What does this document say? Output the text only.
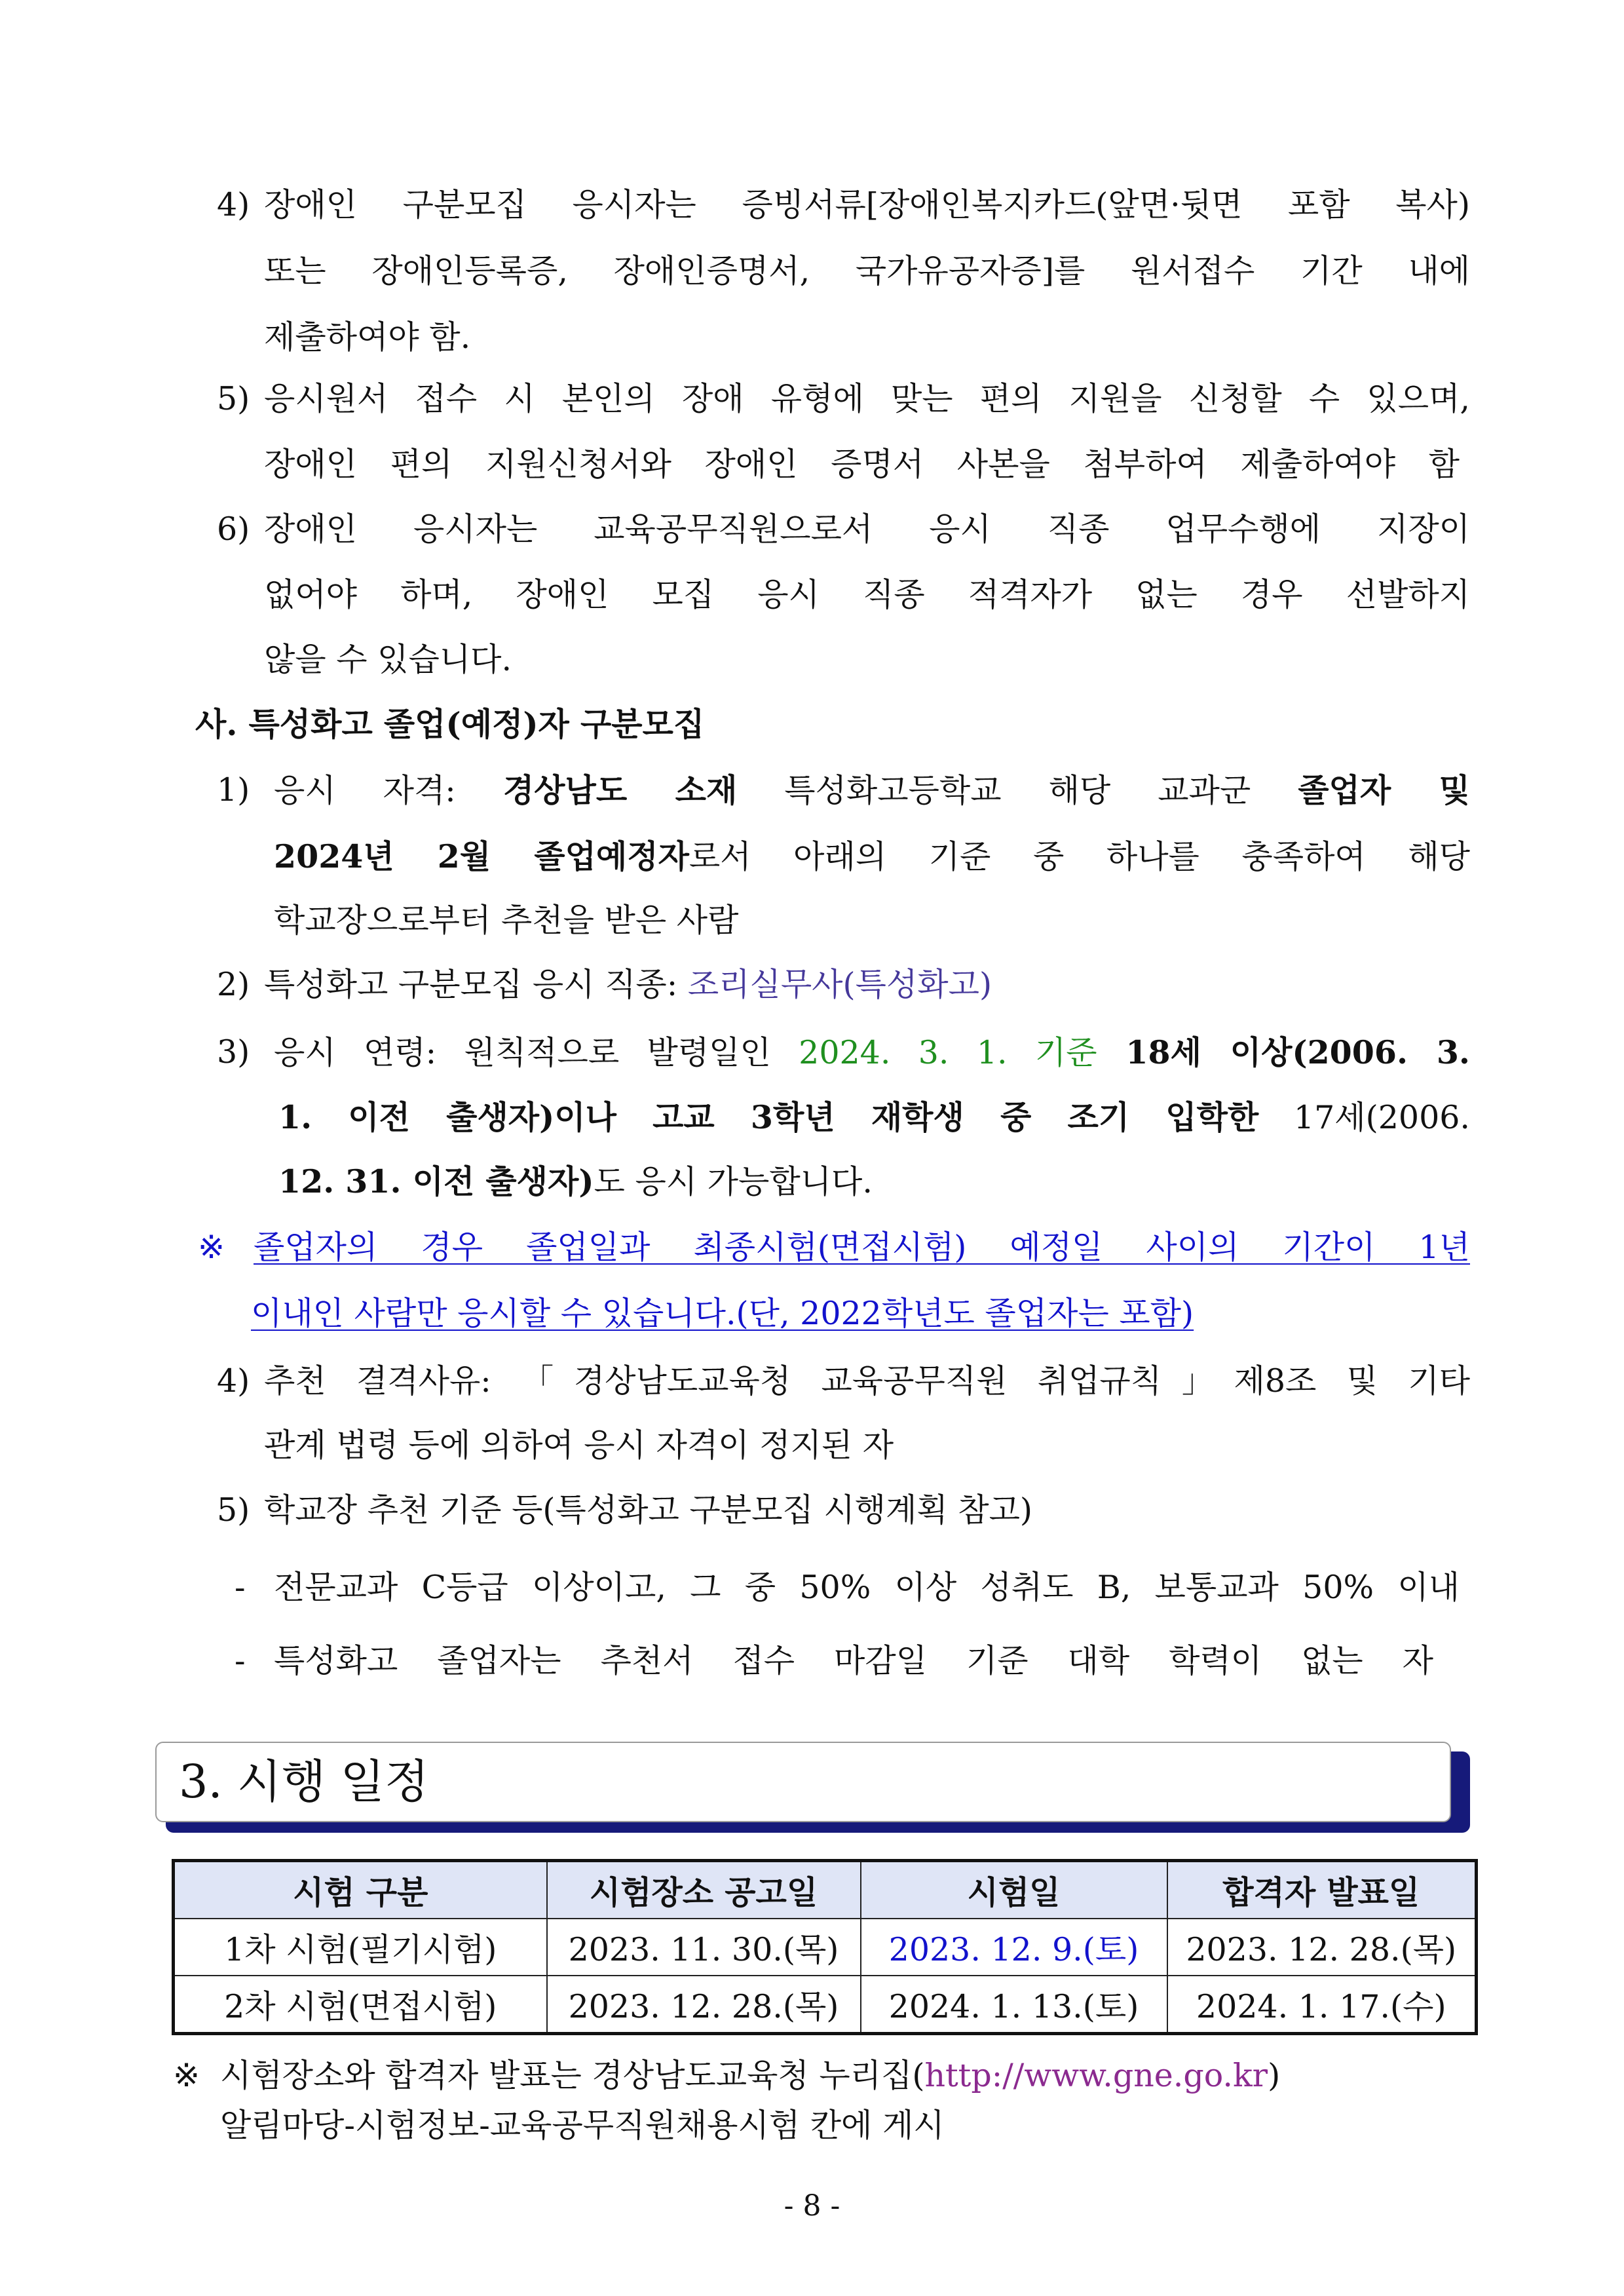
4) 장애인 구분모집 응시자는 증빙서류[장애인복지카드(앞면·뒷면 포함 복사)
또는 장애인등록증, 장애인증명서, 국가유공자증]를 원서접수 기간 내에
제출하여야 함.
5) 응시원서 접수 시 본인의 장애 유형에 맞는 편의 지원을 신청할 수 있으며,
장애인 편의 지원신청서와 장애인 증명서 사본을 첨부하여 제출하여야 함
6) 장애인 응시자는 교육공무직원으로서 응시 직종 업무수행에 지장이
없어야 하며, 장애인 모집 응시 직종 적격자가 없는 경우 선발하지
않을 수 있습니다.
사. 특성화고 졸업(예정)자 구분모집
1) 응시 자격: 경상남도 소재 특성화고등학교 해당 교과군 졸업자 및
2024년 2월 졸업예정자로서 아래의 기준 중 하나를 충족하여 해당
학교장으로부터 추천을 받은 사람
2) 특성화고 구분모집 응시 직종: 조리실무사(특성화고)
3) 응시 연령: 원칙적으로 발령일인 2024. 3. 1. 기준 18세 이상(2006. 3.
1. 이전 출생자)이나 고교 3학년 재학생 중 조기 입학한 17세(2006.
12. 31. 이전 출생자)도 응시 가능합니다.
※ 졸업자의 경우 졸업일과 최종시험(면접시험) 예정일 사이의 기간이 1년
이내인 사람만 응시할 수 있습니다.(단, 2022학년도 졸업자는 포함)
4) 추천 결격사유: 「경상남도교육청 교육공무직원 취업규칙」제8조 및 기타
관계 법령 등에 의하여 응시 자격이 정지된 자
5) 학교장 추천 기준 등(특성화고 구분모집 시행계획 참고)
- 전문교과 C등급 이상이고, 그 중 50% 이상 성취도 B, 보통교과 50% 이내
- 특성화고 졸업자는 추천서 접수 마감일 기준 대학 학력이 없는 자
3. 시행 일정
시험 구분	시험장소 공고일	시험일	합격자 발표일
1차 시험(필기시험)	2023. 11. 30.(목)	2023. 12. 9.(토)	2023. 12. 28.(목)
2차 시험(면접시험)	2023. 12. 28.(목)	2024. 1. 13.(토)	2024. 1. 17.(수)
※ 시험장소와 합격자 발표는 경상남도교육청 누리집(http://www.gne.go.kr)
알림마당-시험정보-교육공무직원채용시험 칸에 게시
- 8 -
